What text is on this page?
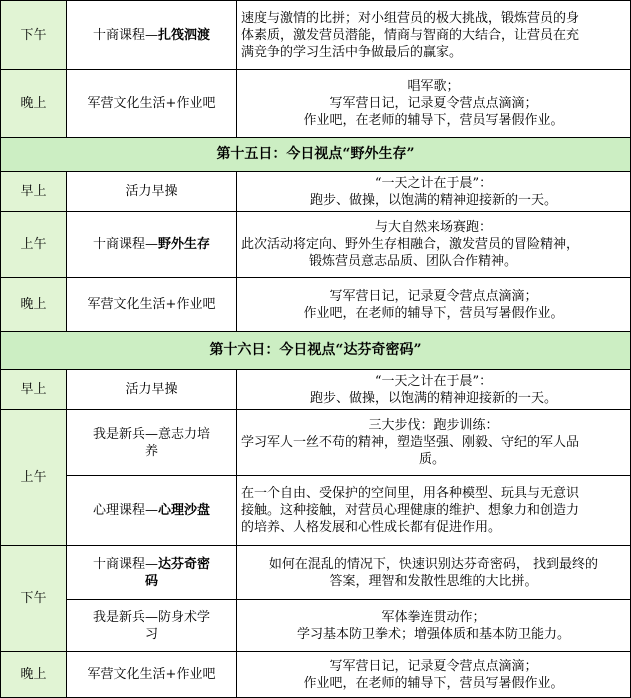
下午	十商课程—扎筏泗渡	速度与激情的比拼；对小组营员的极大挑战，锻炼营员的身
体素质，激发营员潜能，情商与智商的大结合，让营员在充
满竞争的学习生活中争做最后的赢家。

晚上	军营文化生活+作业吧	唱军歌；
写军营日记，记录夏令营点点滴滴；
作业吧，在老师的辅导下，营员写暑假作业。

第十五日：今日视点“野外生存”		
早上	活力早操	“一天之计在于晨”：
跑步、做操，以饱满的精神迎接新的一天。

上午	十商课程—野外生存	与大自然来场赛跑：
此次活动将定向、野外生存相融合，激发营员的冒险精神，
锻炼营员意志品质、团队合作精神。

晚上	军营文化生活+作业吧	写军营日记，记录夏令营点点滴滴；
作业吧，在老师的辅导下，营员写暑假作业。

第十六日：今日视点“达芬奇密码”		
早上	活力早操	“一天之计在于晨”：
跑步、做操，以饱满的精神迎接新的一天。

上午	我是新兵—意志力培
养	三大步伐：跑步训练：
学习军人一丝不苟的精神，塑造坚强、刚毅、守纪的军人品
质。

	心理课程—心理沙盘	在一个自由、受保护的空间里，用各种模型、玩具与无意识
接触。这种接触，对营员心理健康的维护、想象力和创造力
的培养、人格发展和心性成长都有促进作用。

下午	十商课程—达芬奇密
码	如何在混乱的情况下，快速识别达芬奇密码， 找到最终的
答案，理智和发散性思维的大比拼。

	我是新兵—防身术学
习	军体拳连贯动作；
学习基本防卫拳术；增强体质和基本防卫能力。

晚上	军营文化生活+作业吧	写军营日记，记录夏令营点点滴滴；
作业吧，在老师的辅导下，营员写暑假作业。
